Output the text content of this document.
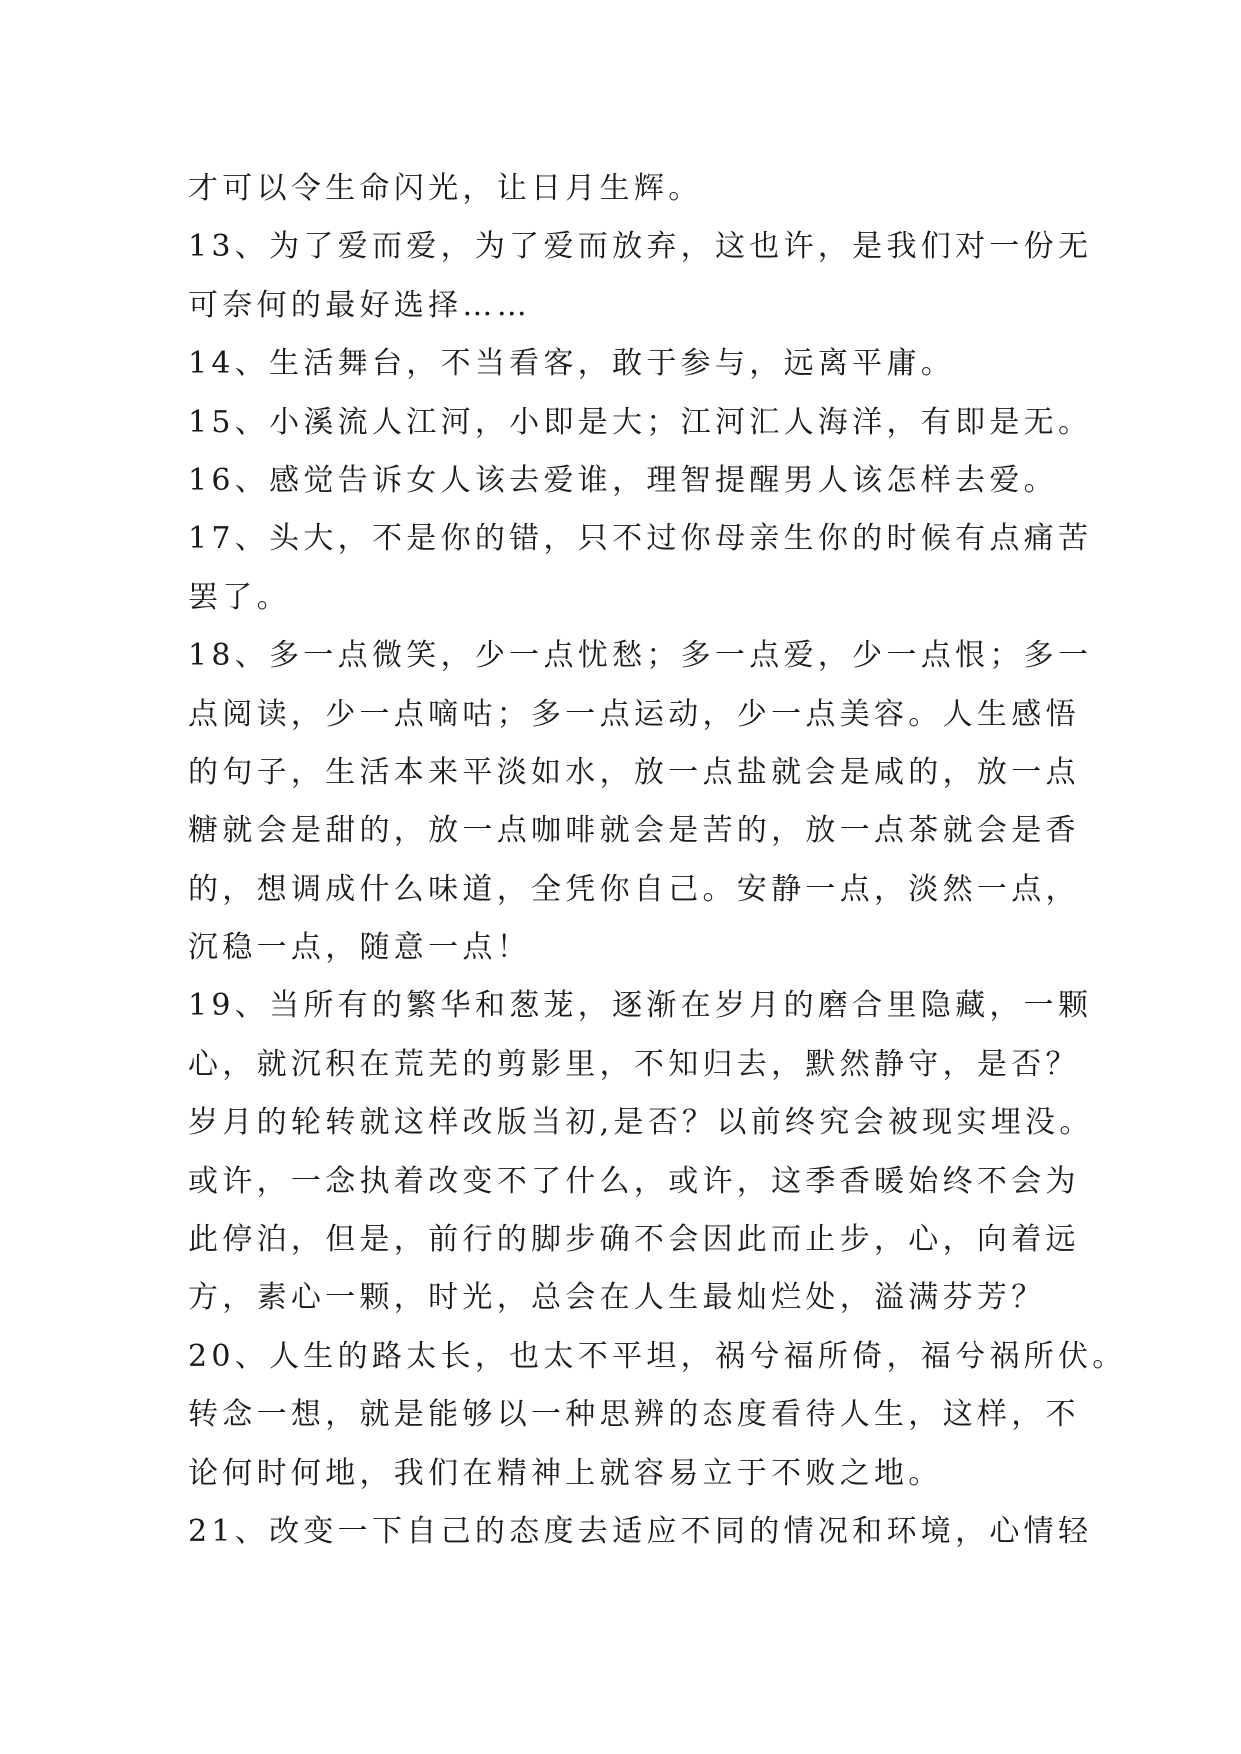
才可以令生命闪光，让日月生辉。
13、为了爱而爱，为了爱而放弃，这也许，是我们对一份无
可奈何的最好选择……
14、生活舞台，不当看客，敢于参与，远离平庸。
15、小溪流人江河，小即是大；江河汇人海洋，有即是无。
16、感觉告诉女人该去爱谁，理智提醒男人该怎样去爱。
17、头大，不是你的错，只不过你母亲生你的时候有点痛苦
罢了。
18、多一点微笑，少一点忧愁；多一点爱，少一点恨；多一
点阅读，少一点嘀咕；多一点运动，少一点美容。人生感悟
的句子，生活本来平淡如水，放一点盐就会是咸的，放一点
糖就会是甜的，放一点咖啡就会是苦的，放一点茶就会是香
的，想调成什么味道，全凭你自己。安静一点，淡然一点，
沉稳一点，随意一点！
19、当所有的繁华和葱茏，逐渐在岁月的磨合里隐藏，一颗
心，就沉积在荒芜的剪影里，不知归去，默然静守，是否？
岁月的轮转就这样改版当初,是否？以前终究会被现实埋没。
或许，一念执着改变不了什么，或许，这季香暖始终不会为
此停泊，但是，前行的脚步确不会因此而止步，心，向着远
方，素心一颗，时光，总会在人生最灿烂处，溢满芬芳？
20、人生的路太长，也太不平坦，祸兮福所倚，福兮祸所伏。
转念一想，就是能够以一种思辨的态度看待人生，这样，不
论何时何地，我们在精神上就容易立于不败之地。
21、改变一下自己的态度去适应不同的情况和环境，心情轻
